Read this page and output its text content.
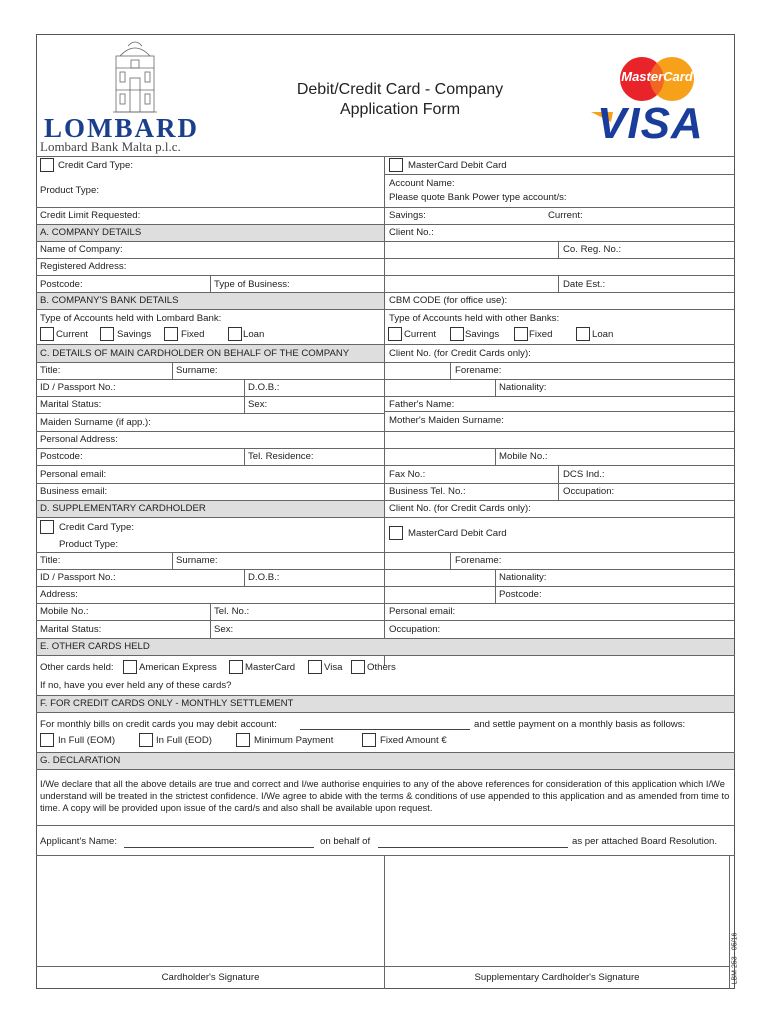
LOMBARD
Lombard Bank Malta p.l.c.
Debit/Credit Card - Company
Application Form
MasterCard
VISA
Credit Card Type:	MasterCard Debit Card
Product Type:
Account Name:
Please quote Bank Power type account/s:
Credit Limit Requested:	Savings:	Current:
A. COMPANY DETAILS	Client No.:
Name of Company:	Co. Reg. No.:
Registered Address:
Postcode:	Type of Business:	Date Est.:
B. COMPANY'S BANK DETAILS	CBM CODE (for office use):
Type of Accounts held with Lombard Bank:	Type of Accounts held with other Banks:
Current	Savings	Fixed	Loan	Current	Savings	Fixed	Loan
C. DETAILS OF MAIN CARDHOLDER ON BEHALF OF THE COMPANY	Client No. (for Credit Cards only):
Title:	Surname:	Forename:
ID / Passport No.:	D.O.B.:	Nationality:
Marital Status:	Sex:	Father's Name:
Maiden Surname (if app.):	Mother's Maiden Surname:
Personal Address:
Postcode:	Tel. Residence:	Mobile No.:
Personal email:	Fax No.:	DCS Ind.:
Business email:	Business Tel. No.:	Occupation:
D. SUPPLEMENTARY CARDHOLDER	Client No. (for Credit Cards only):
Credit Card Type:
Product Type:
MasterCard Debit Card
Title:	Surname:	Forename:
ID / Passport No.:	D.O.B.:	Nationality:
Address:	Postcode:
Mobile No.:	Tel. No.:	Personal email:
Marital Status:	Sex:	Occupation:
E. OTHER CARDS HELD
Other cards held:	American Express	MasterCard	Visa	Others
If no, have you ever held any of these cards?
F. FOR CREDIT CARDS ONLY - MONTHLY SETTLEMENT
For monthly bills on credit cards you may debit account:	and settle payment on a monthly basis as follows:
In Full (EOM)	In Full (EOD)	Minimum Payment	Fixed Amount €
G. DECLARATION
I/We declare that all the above details are true and correct and I/we authorise enquiries to any of the above references for consideration of this application which I/We understand will be treated in the strictest confidence. I/We agree to abide with the terms & conditions of use appended to this application and as amended from time to time. A copy will be provided upon issue of the card/s and also shall be available upon request.
Applicant's Name:	on behalf of	as per attached Board Resolution.
Cardholder's Signature	Supplementary Cardholder's Signature	LBM 253 - 05/16
